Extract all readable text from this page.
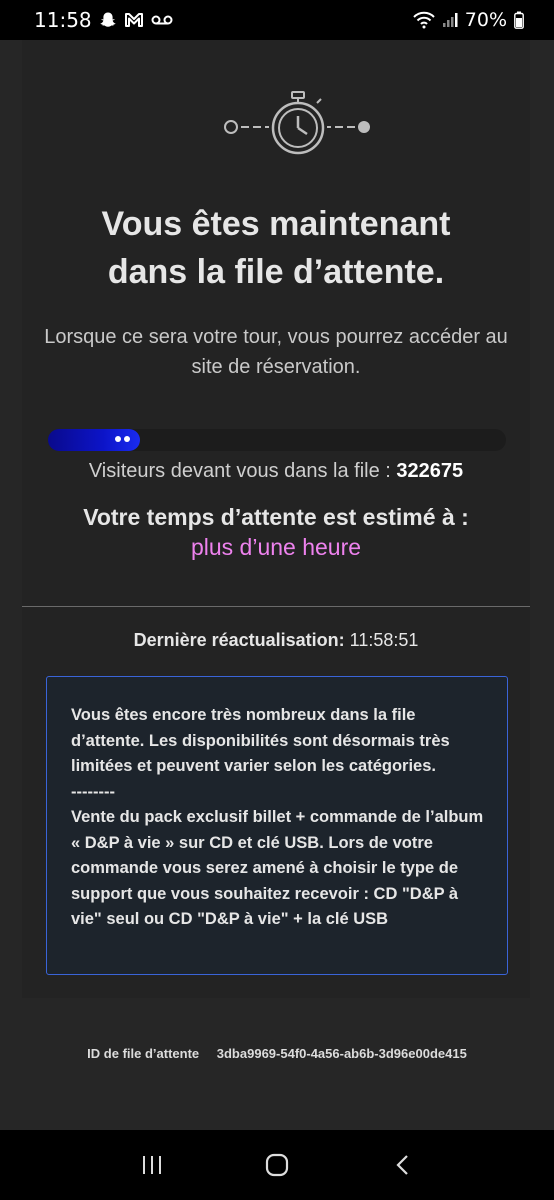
11:58	70%
Vous êtes maintenant
dans la file d’attente.
Lorsque ce sera votre tour, vous pourrez accéder au site de réservation.
Visiteurs devant vous dans la file : 322675
Votre temps d’attente est estimé à :
plus d’une heure
Dernière réactualisation: 11:58:51
Vous êtes encore très nombreux dans la file d’attente. Les disponibilités sont désormais très limitées et peuvent varier selon les catégories.
--------
Vente du pack exclusif billet + commande de l’album « D&P à vie » sur CD et clé USB. Lors de votre commande vous serez amené à choisir le type de support que vous souhaitez recevoir : CD "D&P à vie" seul ou CD "D&P à vie" + la clé USB
ID de file d’attente 3dba9969-54f0-4a56-ab6b-3d96e00de415
